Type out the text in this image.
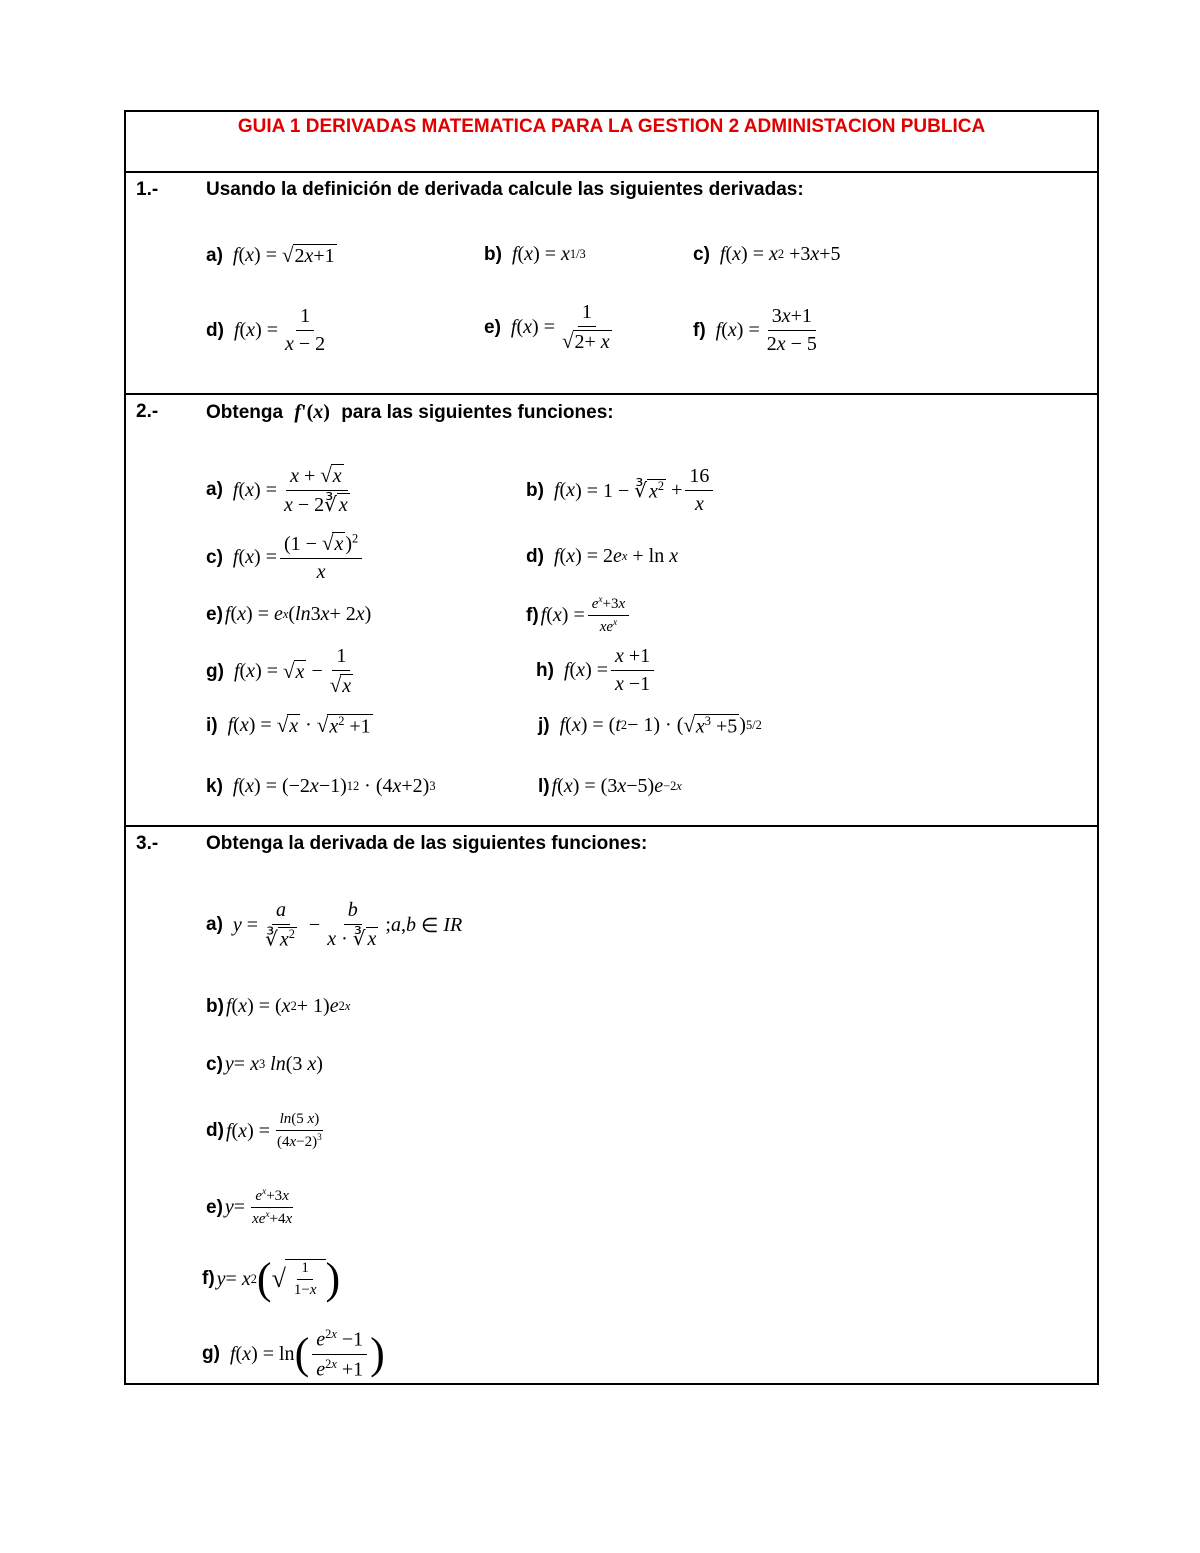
GUIA 1 DERIVADAS MATEMATICA PARA LA GESTION 2 ADMINISTACION PUBLICA
1.-	Usando la definición de derivada calcule las siguientes derivadas:
a) f ( x ) = √ 2x+1	b) f ( x ) = x 1/3	c) f ( x ) = x 2 +3 x +5
d) f ( x ) = $\frac{1}{x - 2}$	e) f ( x ) = $\frac{1}{√2+ x}$	f) f ( x ) = $\frac{3x+1}{2x - 5}$
2.-	Obtenga f '( x ) para las siguientes funciones:
a) f ( x ) = $\frac{x + √x}{x - 2∛ x}$	b) f ( x ) = 1 − ∛ $x^2 + \frac{16}{x}$
c) f ( x ) = $\frac{(1 - √x )^2}{x}$	d) f ( x ) = 2 e x + ln x
e) f ( x ) = e x ( ln 3 x + 2 x )	f) f ( x ) = $\frac{e^x+3x}{xe^x}$
g) f ( x ) = √ $x - \frac{1}{√x}$	h) f ( x ) = $\frac{x +1}{x -1}$
i) f ( x ) = √ x · √ $x^2 +1$	j) f ( x ) = ( t 2 − 1) · ( √ $x^3 +5$ ) 5/2
k) f ( x ) = (−2 x −1) 12 · (4 x +2) 3	l) f ( x ) = (3 x −5) e −2x
3.-	Obtenga la derivada de las siguientes funciones:
a) $y = \frac{a}{∛ x^2} - \frac{b}{x \cdot ∛ x}$ ; a , b ∈ IR
b) f ( x ) = ( x 2 + 1) e 2x
c) y = x 3 ln (3 x )
d) f ( x ) = $\frac{\ln(5 x)}{(4x-2)^3}$
e) $y = \frac{e^x+3x}{xe^x+4x}$
f) y = x 2 ( √ $\frac{1}{1-x}$ )
g) f ( x ) = ln ( $\frac{e^{2x} -1}{e^{2x} +1}$ )
